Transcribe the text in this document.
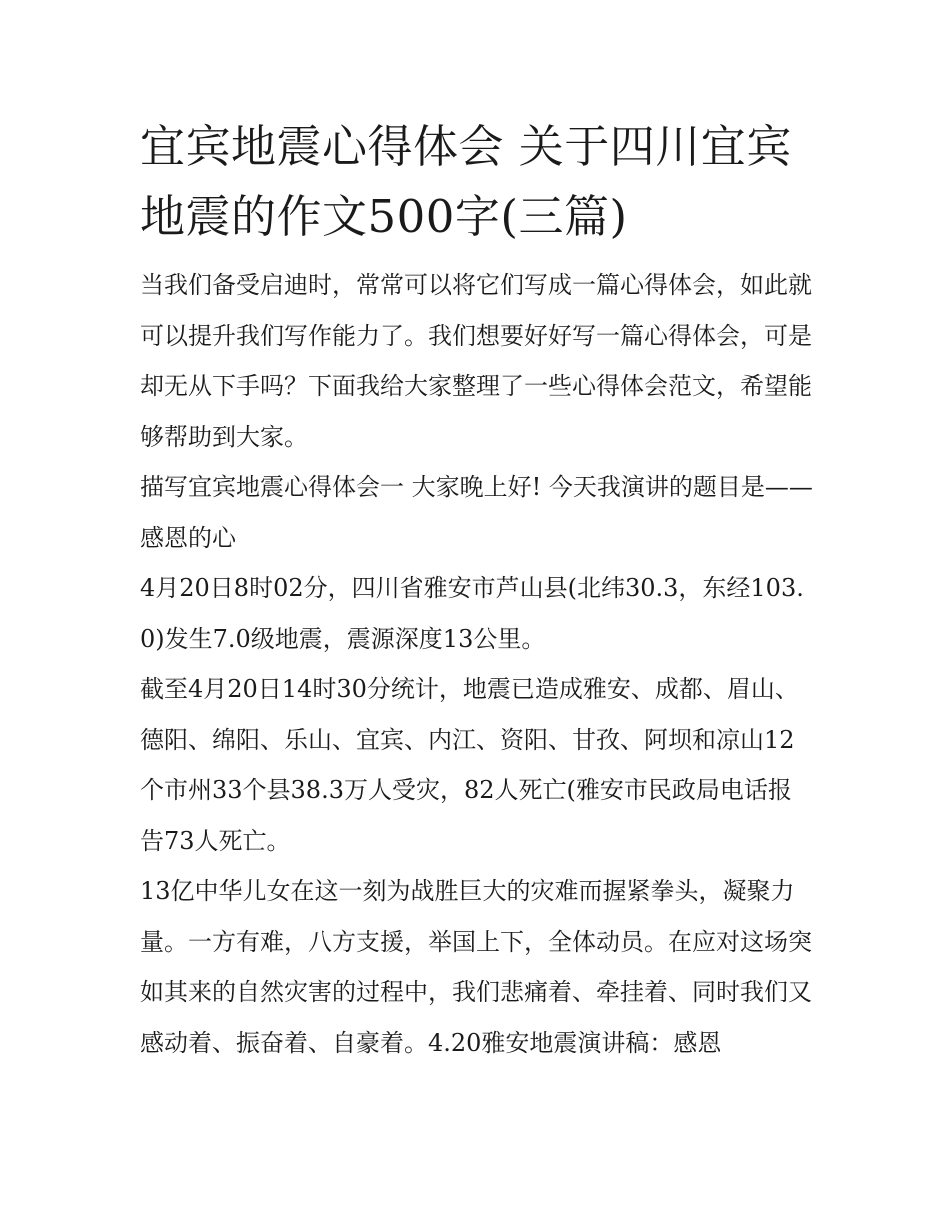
宜宾地震心得体会 关于四川宜宾地震的作文500字(三篇)

当我们备受启迪时，常常可以将它们写成一篇心得体会，如此就可以提升我们写作能力了。我们想要好好写一篇心得体会，可是却无从下手吗？下面我给大家整理了一些心得体会范文，希望能够帮助到大家。

描写宜宾地震心得体会一 大家晚上好! 今天我演讲的题目是——感恩的心

4月20日8时02分，四川省雅安市芦山县(北纬30.3，东经103.0)发生7.0级地震，震源深度13公里。

截至4月20日14时30分统计，地震已造成雅安、成都、眉山、德阳、绵阳、乐山、宜宾、内江、资阳、甘孜、阿坝和凉山12个市州33个县38.3万人受灾，82人死亡(雅安市民政局电话报告73人死亡。

13亿中华儿女在这一刻为战胜巨大的灾难而握紧拳头，凝聚力量。一方有难，八方支援，举国上下，全体动员。在应对这场突如其来的自然灾害的过程中，我们悲痛着、牵挂着、同时我们又感动着、振奋着、自豪着。4.20雅安地震演讲稿：感恩
